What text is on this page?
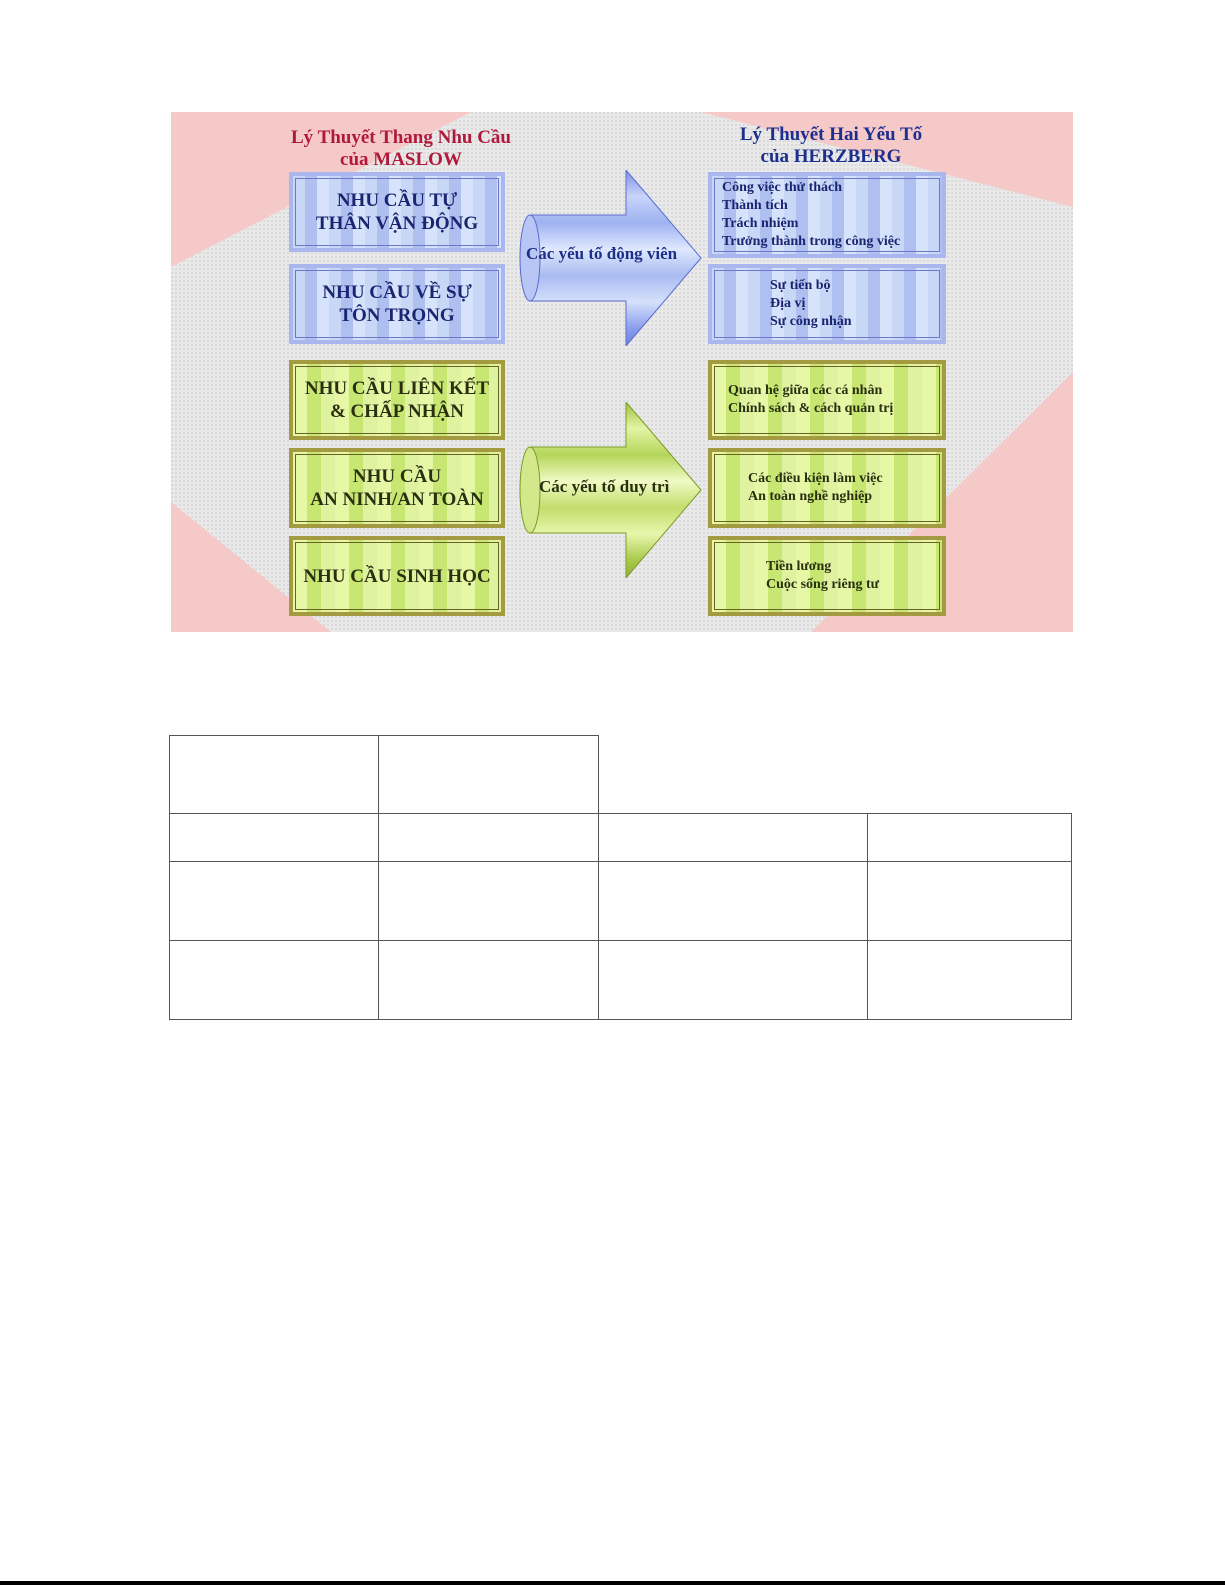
Lý Thuyết Thang Nhu Cầu
của MASLOW
Lý Thuyết Hai Yếu Tố
của HERZBERG
NHU CẦU TỰ
THÂN VẬN ĐỘNG
NHU CẦU VỀ SỰ
TÔN TRỌNG
NHU CẦU LIÊN KẾT
& CHẤP NHẬN
NHU CẦU
AN NINH/AN TOÀN
NHU CẦU SINH HỌC
Các yếu tố động viên
Các yếu tố duy trì
Công việc thử thách
Thành tích
Trách nhiệm
Trưởng thành trong công việc
Sự tiến bộ
Địa vị
Sự công nhận
Quan hệ giữa các cá nhân
Chính sách & cách quản trị
Các điều kiện làm việc
An toàn nghề nghiệp
Tiền lương
Cuộc sống riêng tư
